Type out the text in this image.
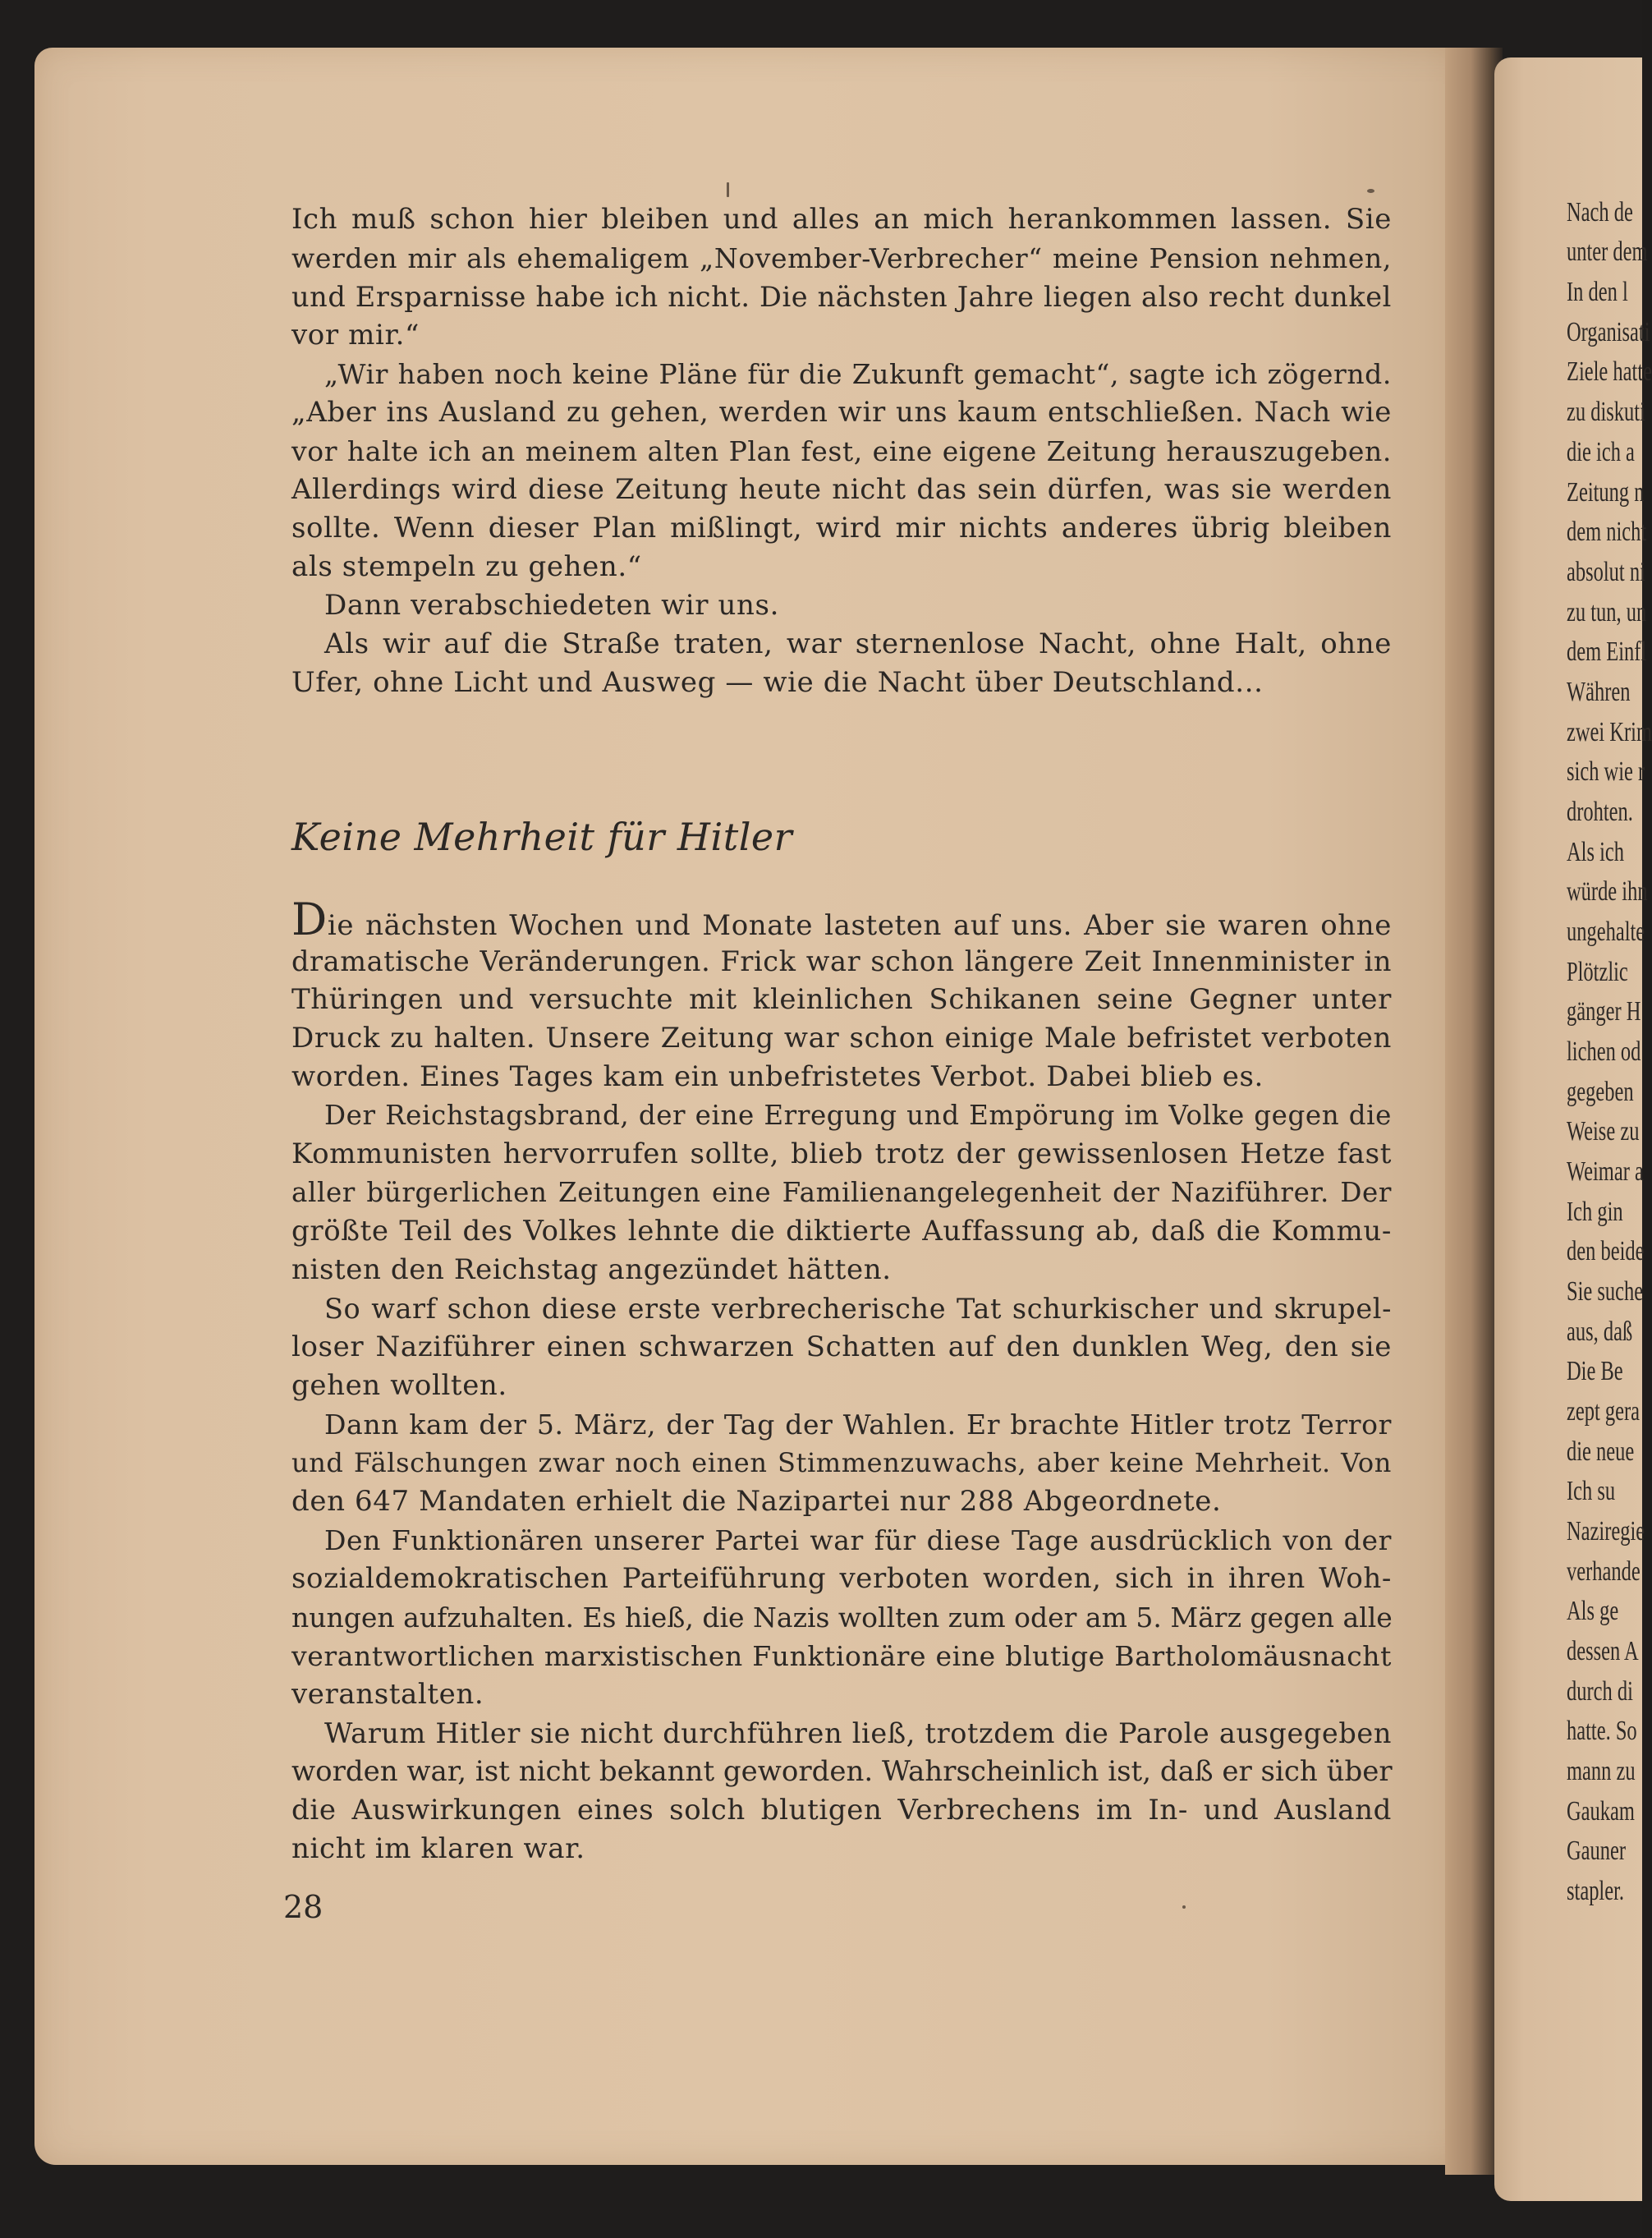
Nach de
unter dem
In den l
Organisati
Ziele hatte
zu diskuti
die ich a
Zeitung n
dem nicht
absolut ni
zu tun, un
dem Einfl
Währen
zwei Krim
sich wie r
drohten.
Als ich
würde ihn
ungehalte
Plötzlic
gänger H
lichen od
gegeben
Weise zu
Weimar a
Ich gin
den beide
Sie suche
aus, daß
Die Be
zept gera
die neue
Ich su
Naziregie
verhande
Als ge
dessen A
durch di
hatte. So
mann zu
Gaukam
Gauner
stapler.
Ich muß schon hier bleiben und alles an mich herankommen lassen. Sie
werden mir als ehemaligem „November-Verbrecher“ meine Pension nehmen,
und Ersparnisse habe ich nicht. Die nächsten Jahre liegen also recht dunkel
vor mir.“
„Wir haben noch keine Pläne für die Zukunft gemacht“, sagte ich zögernd.
„Aber ins Ausland zu gehen, werden wir uns kaum entschließen. Nach wie
vor halte ich an meinem alten Plan fest, eine eigene Zeitung herauszugeben.
Allerdings wird diese Zeitung heute nicht das sein dürfen, was sie werden
sollte. Wenn dieser Plan mißlingt, wird mir nichts anderes übrig bleiben
als stempeln zu gehen.“
Dann verabschiedeten wir uns.
Als wir auf die Straße traten, war sternenlose Nacht, ohne Halt, ohne
Ufer, ohne Licht und Ausweg — wie die Nacht über Deutschland...
Keine Mehrheit für Hitler
Die nächsten Wochen und Monate lasteten auf uns. Aber sie waren ohne
dramatische Veränderungen. Frick war schon längere Zeit Innenminister in
Thüringen und versuchte mit kleinlichen Schikanen seine Gegner unter
Druck zu halten. Unsere Zeitung war schon einige Male befristet verboten
worden. Eines Tages kam ein unbefristetes Verbot. Dabei blieb es.
Der Reichstagsbrand, der eine Erregung und Empörung im Volke gegen die
Kommunisten hervorrufen sollte, blieb trotz der gewissenlosen Hetze fast
aller bürgerlichen Zeitungen eine Familienangelegenheit der Naziführer. Der
größte Teil des Volkes lehnte die diktierte Auffassung ab, daß die Kommu-
nisten den Reichstag angezündet hätten.
So warf schon diese erste verbrecherische Tat schurkischer und skrupel-
loser Naziführer einen schwarzen Schatten auf den dunklen Weg, den sie
gehen wollten.
Dann kam der 5. März, der Tag der Wahlen. Er brachte Hitler trotz Terror
und Fälschungen zwar noch einen Stimmenzuwachs, aber keine Mehrheit. Von
den 647 Mandaten erhielt die Nazipartei nur 288 Abgeordnete.
Den Funktionären unserer Partei war für diese Tage ausdrücklich von der
sozialdemokratischen Parteiführung verboten worden, sich in ihren Woh-
nungen aufzuhalten. Es hieß, die Nazis wollten zum oder am 5. März gegen alle
verantwortlichen marxistischen Funktionäre eine blutige Bartholomäusnacht
veranstalten.
Warum Hitler sie nicht durchführen ließ, trotzdem die Parole ausgegeben
worden war, ist nicht bekannt geworden. Wahrscheinlich ist, daß er sich über
die Auswirkungen eines solch blutigen Verbrechens im In- und Ausland
nicht im klaren war.
28
